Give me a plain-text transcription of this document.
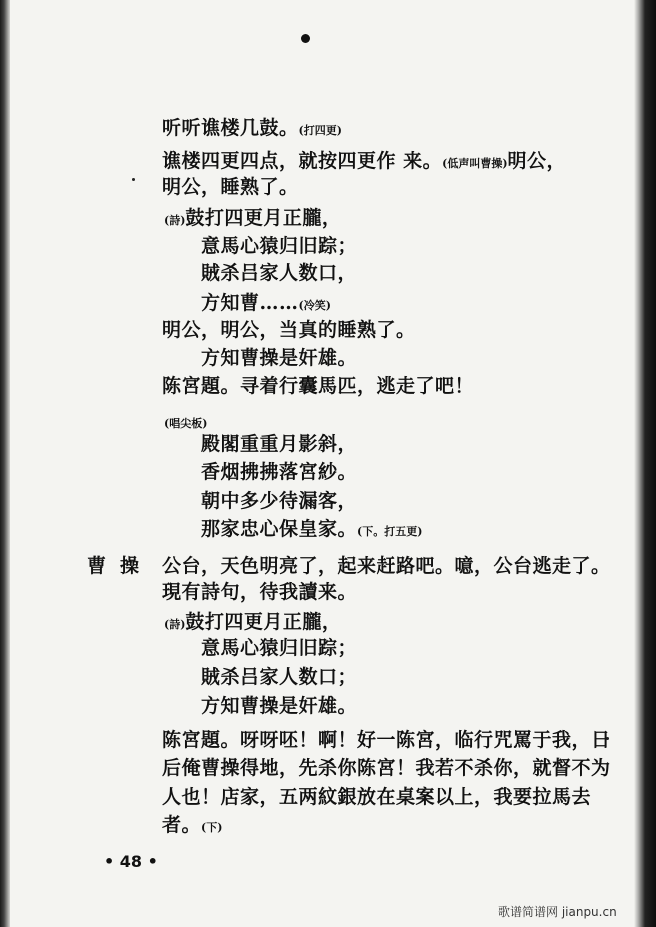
听听谯楼几鼓。(打四更)
谯楼四更四点，就按四更作 来。(低声叫曹操)明公，
明公，睡熟了。
(詩)鼓打四更月正朧，
意馬心猿归旧踪；
賊杀吕家人数口，
方知曹……(冷笑)
明公，明公，当真的睡熟了。
方知曹操是奸雄。
陈宮題。寻着行囊馬匹，逃走了吧！
(唱尖板)
殿閣重重月影斜，
香烟拂拂落宮紗。
朝中多少待漏客，
那家忠心保皇家。(下。打五更)
曹操 公台，天色明亮了，起来赶路吧。噫，公台逃走了。
現有詩句，待我讀来。
(詩)鼓打四更月正朧，
意馬心猿归旧踪；
賊杀吕家人数口；
方知曹操是奸雄。
陈宮題。呀呀呸！啊！好一陈宮，临行咒罵于我，日
后俺曹操得地，先杀你陈宮！我若不杀你，就督不为
人也！店家，五两紋銀放在桌案以上，我要拉馬去
者。(下)
• 48 •
歌谱简谱网 jianpu.cn
